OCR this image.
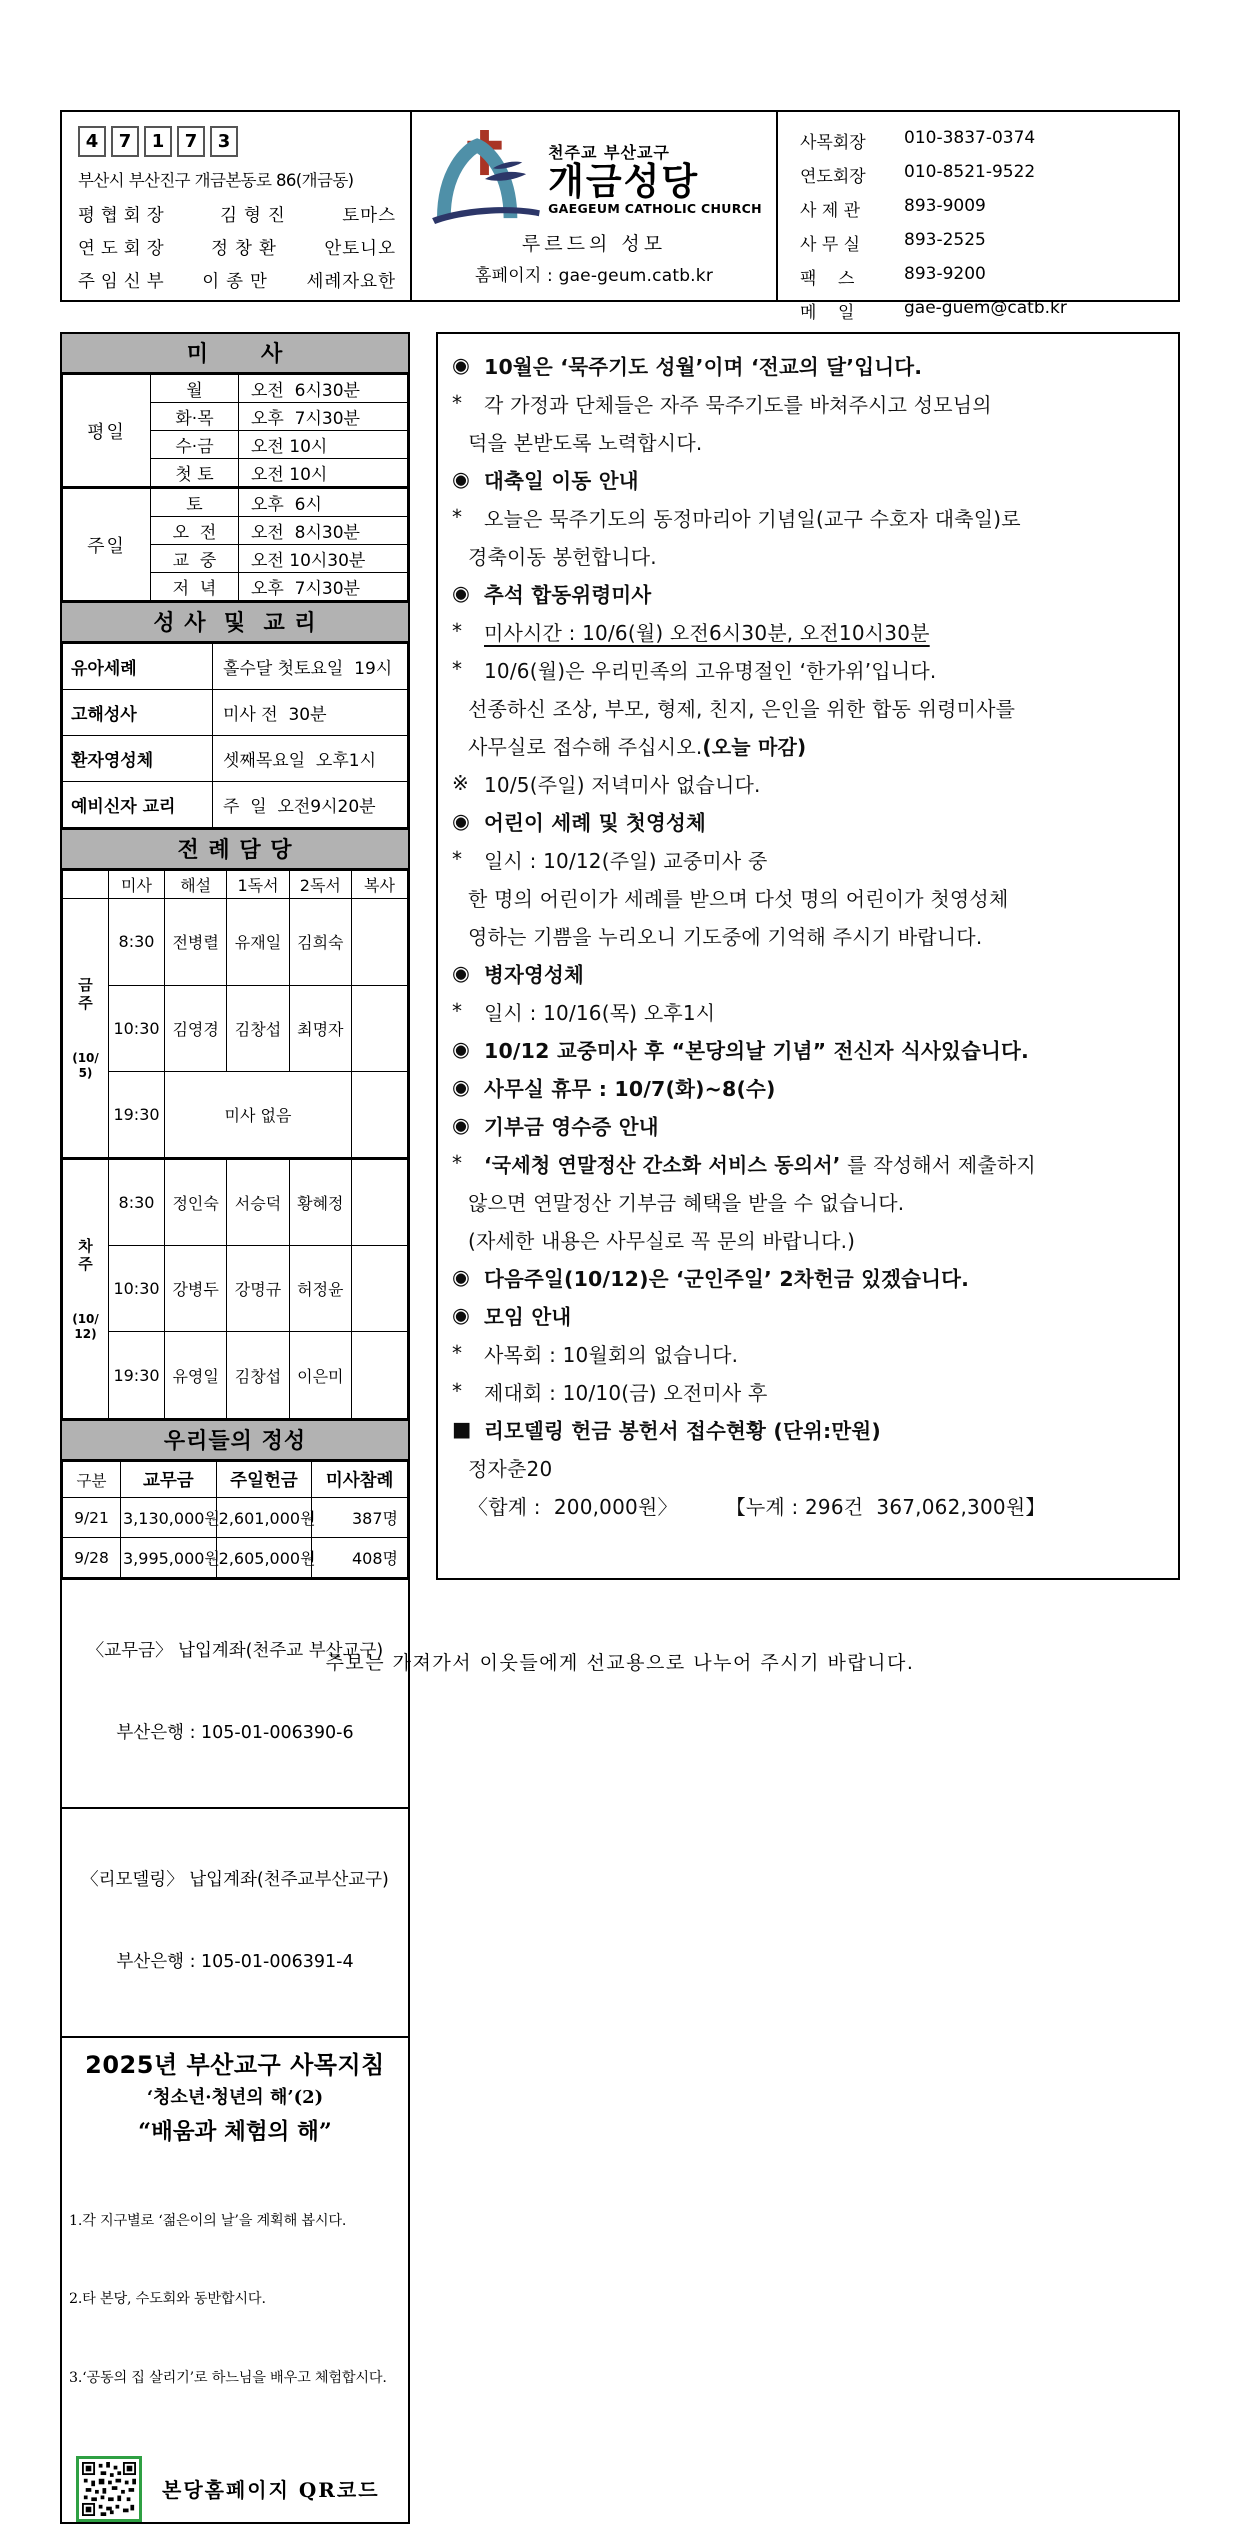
4	7	1	7	3
부산시 부산진구 개금본동로 86(개금동)
평협회장	김형진	토마스
연도회장 정창환 안토니오
주임신부 이종만 세례자요한
천주교 부산교구
개금성당
GAEGEUM CATHOLIC CHURCH
루르드의 성모
홈페이지 : gae-geum.catb.kr
사목회장	010-3837-0374
연도회장	010-8521-9522
사 제 관	893-9009
사 무 실	893-2525
팩    스	893-9200
메    일	gae-guem@catb.kr
미      사
평일	월	오전  6시30분
	화·목	오후  7시30분
	수·금	오전 10시
	첫 토	오전 10시
주일	토	오후  6시
	오  전	오전  8시30분
	교  중	오전 10시30분
	저  녁	오후  7시30분
성 사  및  교 리
유아세례	홀수달 첫토요일  19시
고해성사	미사 전  30분
환자영성체	셋째목요일  오후1시
예비신자 교리	주  일  오전9시20분
전 례 담 당
	미사	해설	1독서	2독서	복사

금
주

(10/
5)	8:30	전병렬	유재일	김희숙	
	10:30	김영경	김창섭	최명자	
	19:30	미사 없음			

차
주

(10/
12)	8:30	정인숙	서승덕	황혜정	
	10:30	강병두	강명규	허정윤	
	19:30	유영일	김창섭	이은미	
우리들의 정성
구분	교무금	주일헌금	미사참례
9/21	3,130,000원	2,601,000원	387명
9/28	3,995,000원	2,605,000원	408명

〈교무금〉 납입계좌(천주교 부산교구)

부산은행 : 105-01-006390-6

〈리모델링〉 납입계좌(천주교부산교구)

부산은행 : 105-01-006391-4

2025년 부산교구 사목지침
‘청소년·청년의 해’(2)
“배움과 체험의 해”

1.각 지구별로 ‘젊은이의 날’을 계획해 봅시다.

2.타 본당, 수도회와 동반합시다.

3.‘공동의 집 살리기’로 하느님을 배우고 체험합시다.

본당홈페이지 QR코드
◉ 10월은 ‘묵주기도 성월’이며 ‘전교의 달’입니다.
*	각 가정과 단체들은 자주 묵주기도를 바쳐주시고 성모님의
덕을 본받도록 노력합시다.
◉ 대축일 이동 안내
*	오늘은 묵주기도의 동정마리아 기념일(교구 수호자 대축일)로
경축이동 봉헌합니다.
◉ 추석 합동위령미사
*	미사시간 : 10/6(월) 오전6시30분, 오전10시30분
*	10/6(월)은 우리민족의 고유명절인 ‘한가위’입니다.
선종하신 조상, 부모, 형제, 친지, 은인을 위한 합동 위령미사를
사무실로 접수해 주십시오. (오늘 마감)
※ 10/5(주일) 저녁미사 없습니다.
◉ 어린이 세례 및 첫영성체
*	일시 : 10/12(주일) 교중미사 중
한 명의 어린이가 세례를 받으며 다섯 명의 어린이가 첫영성체
영하는 기쁨을 누리오니 기도중에 기억해 주시기 바랍니다.
◉ 병자영성체
*	일시 : 10/16(목) 오후1시
◉ 10/12 교중미사 후 “본당의날 기념” 전신자 식사있습니다.
◉ 사무실 휴무 : 10/7(화)~8(수)
◉ 기부금 영수증 안내
*	‘국세청 연말정산 간소화 서비스 동의서’ 를 작성해서 제출하지
않으면 연말정산 기부금 혜택을 받을 수 없습니다.
(자세한 내용은 사무실로 꼭 문의 바랍니다.)
◉ 다음주일(10/12)은 ‘군인주일’ 2차헌금 있겠습니다.
◉ 모임 안내
*	사목회 : 10월회의 없습니다.
*	제대회 : 10/10(금) 오전미사 후
■ 리모델링 헌금 봉헌서 접수현황 (단위:만원)
정자춘20
〈합계 :  200,000원〉 【누계 : 296건  367,062,300원】
주보는 가져가서 이웃들에게 선교용으로 나누어 주시기 바랍니다.
